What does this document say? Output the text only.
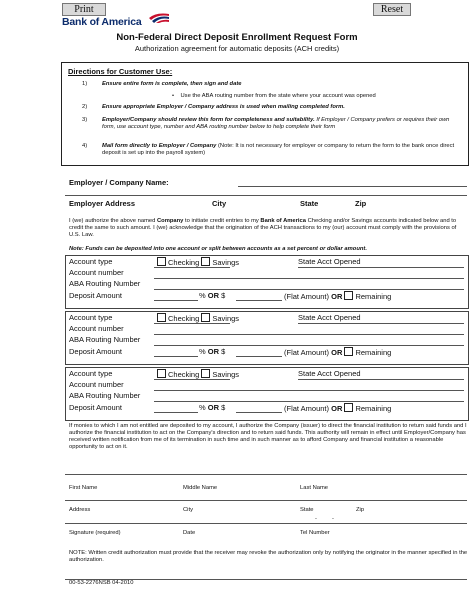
Print	Reset
Bank of America
Non-Federal Direct Deposit Enrollment Request Form
Authorization agreement for automatic deposits (ACH credits)
Directions for Customer Use:
1)	Ensure entire form is complete, then sign and date
• Use the ABA routing number from the state where your account was opened
2)	Ensure appropriate Employer / Company address is used when mailing completed form.
3)	Employer/Company should review this form for completeness and suitability. If Employer / Company prefers or requires their own form, use account type, number and ABA routing number below to help complete their form
4)	Mail form directly to Employer / Company (Note: It is not necessary for employer or company to return the form to the bank once direct deposit is set up into the payroll system)
Employer / Company Name:
Employer Address	City	State	Zip
I (we) authorize the above named Company to initiate credit entries to my Bank of America Checking and/or Savings accounts indicated below and to credit the same to such amount. I (we) acknowledge that the origination of the ACH transactions to my (our) account must comply with the provisions of U.S. Law.
Note: Funds can be deposited into one account or split between accounts as a set percent or dollar amount.
Account type	Checking Savings	State Acct Opened
Account number
ABA Routing Number
Deposit Amount	% OR $	(Flat Amount) OR Remaining
Account type	Checking Savings	State Acct Opened
Account number
ABA Routing Number
Deposit Amount	% OR $	(Flat Amount) OR Remaining
Account type	Checking Savings	State Acct Opened
Account number
ABA Routing Number
Deposit Amount	% OR $	(Flat Amount) OR Remaining
If monies to which I am not entitled are deposited to my account, I authorize the Company (issuer) to direct the financial institution to return said funds and I authorize the financial institution to act on the Company's direction and to return said funds. This authority will remain in effect until Employer/Company has received written notification from me of its termination in such time and in such manner as to afford Company and financial institution a reasonable opportunity to act on it.
First Name	Middle Name	Last Name
Address	City	State	Zip
-	-
Signature (required)	Date	Tel Number
NOTE: Written credit authorization must provide that the receiver may revoke the authorization only by notifying the originator in the manner specified in the authorization.
00-53-2276NSB 04-2010
